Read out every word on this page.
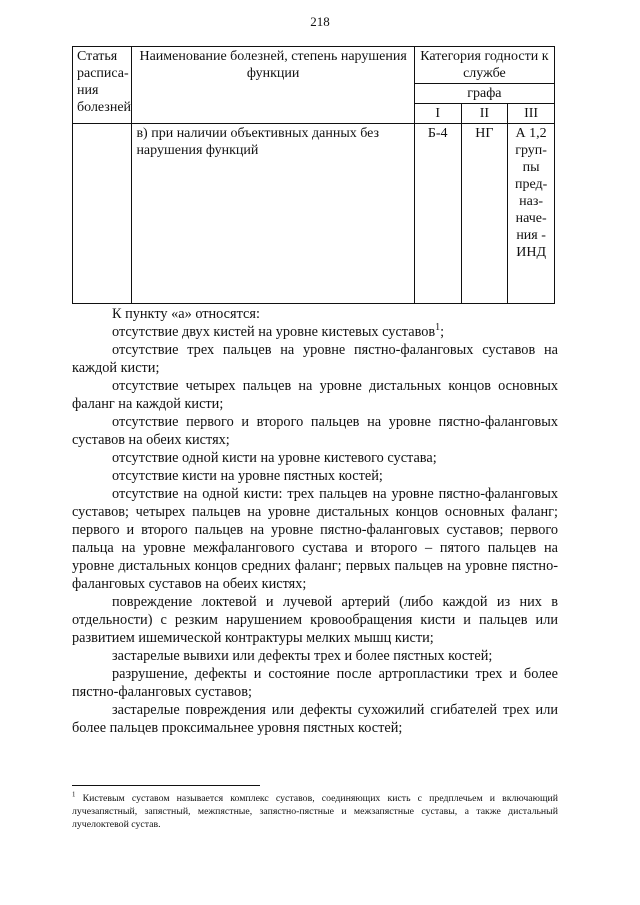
218
Статья расписа-ния болезней	Наименование болезней, степень нарушения функции	Категория годности к службе		
		графа		
		I	II	III
	в) при наличии объективных данных без нарушения функций	Б-4	НГ	А 1,2 груп-пы пред-наз-наче-ния - ИНД

К пункту «а» относятся:

отсутствие двух кистей на уровне кистевых суставов$^1$;

отсутствие трех пальцев на уровне пястно-фаланговых суставов на каждой кисти;

отсутствие четырех пальцев на уровне дистальных концов основных фаланг на каждой кисти;

отсутствие первого и второго пальцев на уровне пястно-фаланговых суставов на обеих кистях;

отсутствие одной кисти на уровне кистевого сустава;

отсутствие кисти на уровне пястных костей;

отсутствие на одной кисти: трех пальцев на уровне пястно-фаланговых суставов; четырех пальцев на уровне дистальных концов основных фаланг; первого и второго пальцев на уровне пястно-фаланговых суставов; первого пальца на уровне межфалангового сустава и второго – пятого пальцев на уровне дистальных концов средних фаланг; первых пальцев на уровне пястно-фаланговых суставов на обеих кистях;

повреждение локтевой и лучевой артерий (либо каждой из них в отдельности) с резким нарушением кровообращения кисти и пальцев или развитием ишемической контрактуры мелких мышц кисти;

застарелые вывихи или дефекты трех и более пястных костей;

разрушение, дефекты и состояние после артропластики трех и более пястно-фаланговых суставов;

застарелые повреждения или дефекты сухожилий сгибателей трех или более пальцев проксимальнее уровня пястных костей;

$^1$ Кистевым суставом называется комплекс суставов, соединяющих кисть с предплечьем и включающий лучезапястный, запястный, межпястные, запястно-пястные и межзапястные суставы, а также дистальный лучелоктевой сустав.
